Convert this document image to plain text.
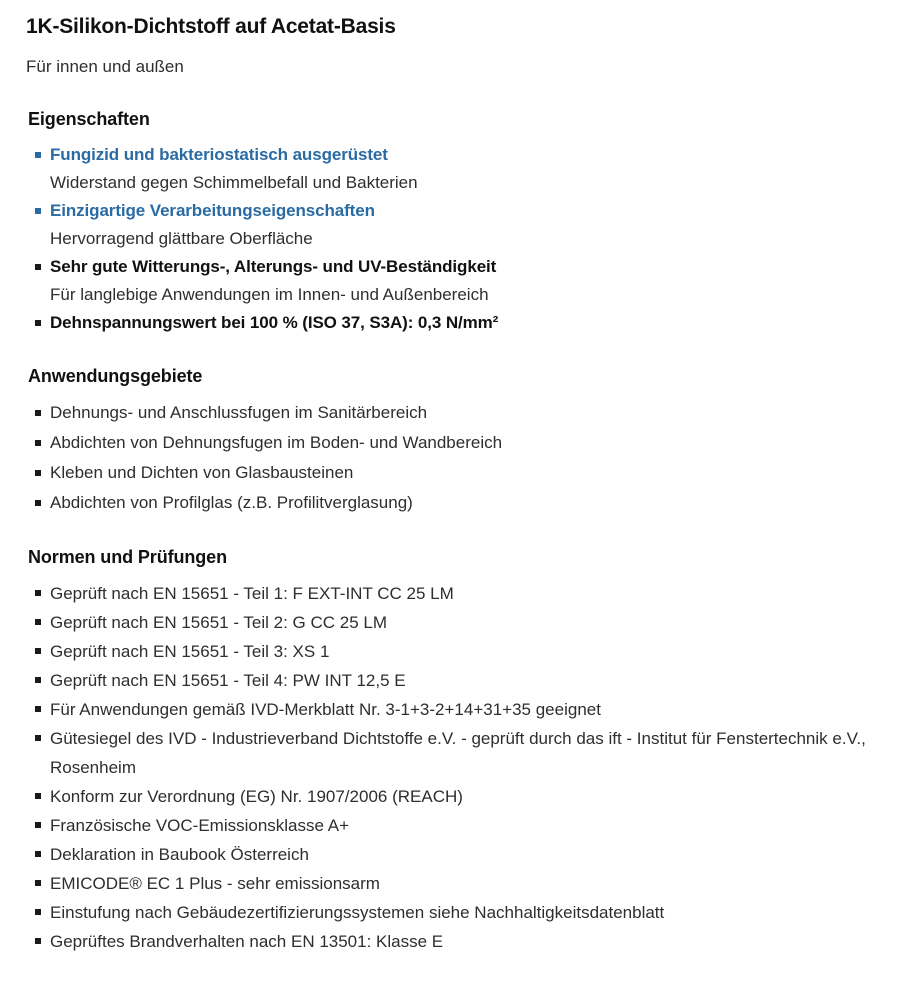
1K-Silikon-Dichtstoff auf Acetat-Basis

Für innen und außen

Eigenschaften
Fungizid und bakteriostatisch ausgerüstet
Widerstand gegen Schimmelbefall und Bakterien
Einzigartige Verarbeitungseigenschaften
Hervorragend glättbare Oberfläche
Sehr gute Witterungs-, Alterungs- und UV-Beständigkeit
Für langlebige Anwendungen im Innen- und Außenbereich
Dehnspannungswert bei 100 % (ISO 37, S3A): 0,3 N/mm²
Anwendungsgebiete
Dehnungs- und Anschlussfugen im Sanitärbereich
Abdichten von Dehnungsfugen im Boden- und Wandbereich
Kleben und Dichten von Glasbausteinen
Abdichten von Profilglas (z.B. Profilitverglasung)
Normen und Prüfungen
Geprüft nach EN 15651 - Teil 1: F EXT-INT CC 25 LM
Geprüft nach EN 15651 - Teil 2: G CC 25 LM
Geprüft nach EN 15651 - Teil 3: XS 1
Geprüft nach EN 15651 - Teil 4: PW INT 12,5 E
Für Anwendungen gemäß IVD-Merkblatt Nr. 3-1+3-2+14+31+35 geeignet
Gütesiegel des IVD - Industrieverband Dichtstoffe e.V. - geprüft durch das ift - Institut für Fenstertechnik e.V., Rosenheim
Konform zur Verordnung (EG) Nr. 1907/2006 (REACH)
Französische VOC-Emissionsklasse A+
Deklaration in Baubook Österreich
EMICODE® EC 1 Plus - sehr emissionsarm
Einstufung nach Gebäudezertifizierungssystemen siehe Nachhaltigkeitsdatenblatt
Geprüftes Brandverhalten nach EN 13501: Klasse E
